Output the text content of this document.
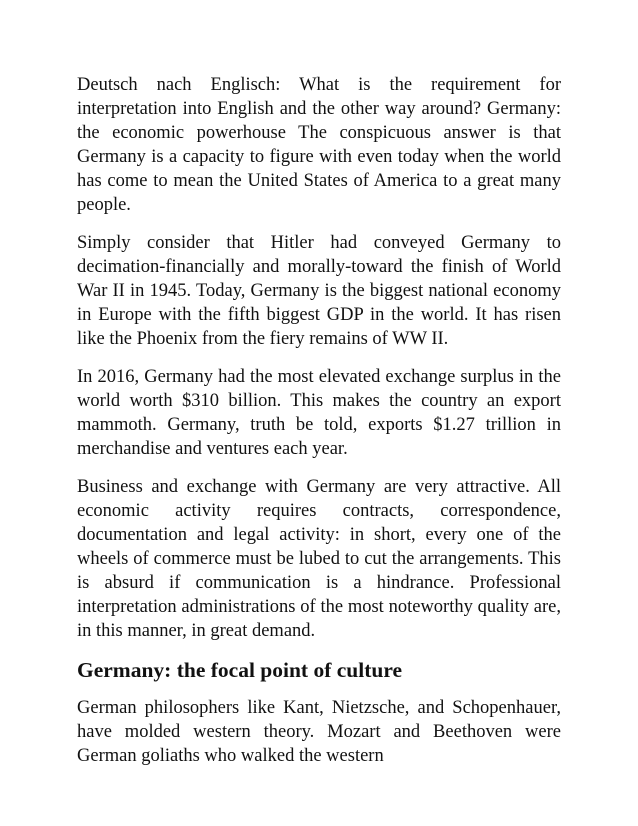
Deutsch nach Englisch: What is the requirement for interpretation into English and the other way around? Germany: the economic powerhouse The conspicuous answer is that Germany is a capacity to figure with even today when the world has come to mean the United States of America to a great many people.

Simply consider that Hitler had conveyed Germany to decimation-financially and morally-toward the finish of World War II in 1945. Today, Germany is the biggest national economy in Europe with the fifth biggest GDP in the world. It has risen like the Phoenix from the fiery remains of WW II.

In 2016, Germany had the most elevated exchange surplus in the world worth $310 billion. This makes the country an export mammoth. Germany, truth be told, exports $1.27 trillion in merchandise and ventures each year.

Business and exchange with Germany are very attractive. All economic activity requires contracts, correspondence, documentation and legal activity: in short, every one of the wheels of commerce must be lubed to cut the arrangements. This is absurd if communication is a hindrance. Professional interpretation administrations of the most noteworthy quality are, in this manner, in great demand.

Germany: the focal point of culture

German philosophers like Kant, Nietzsche, and Schopenhauer, have molded western theory. Mozart and Beethoven were German goliaths who walked the western
